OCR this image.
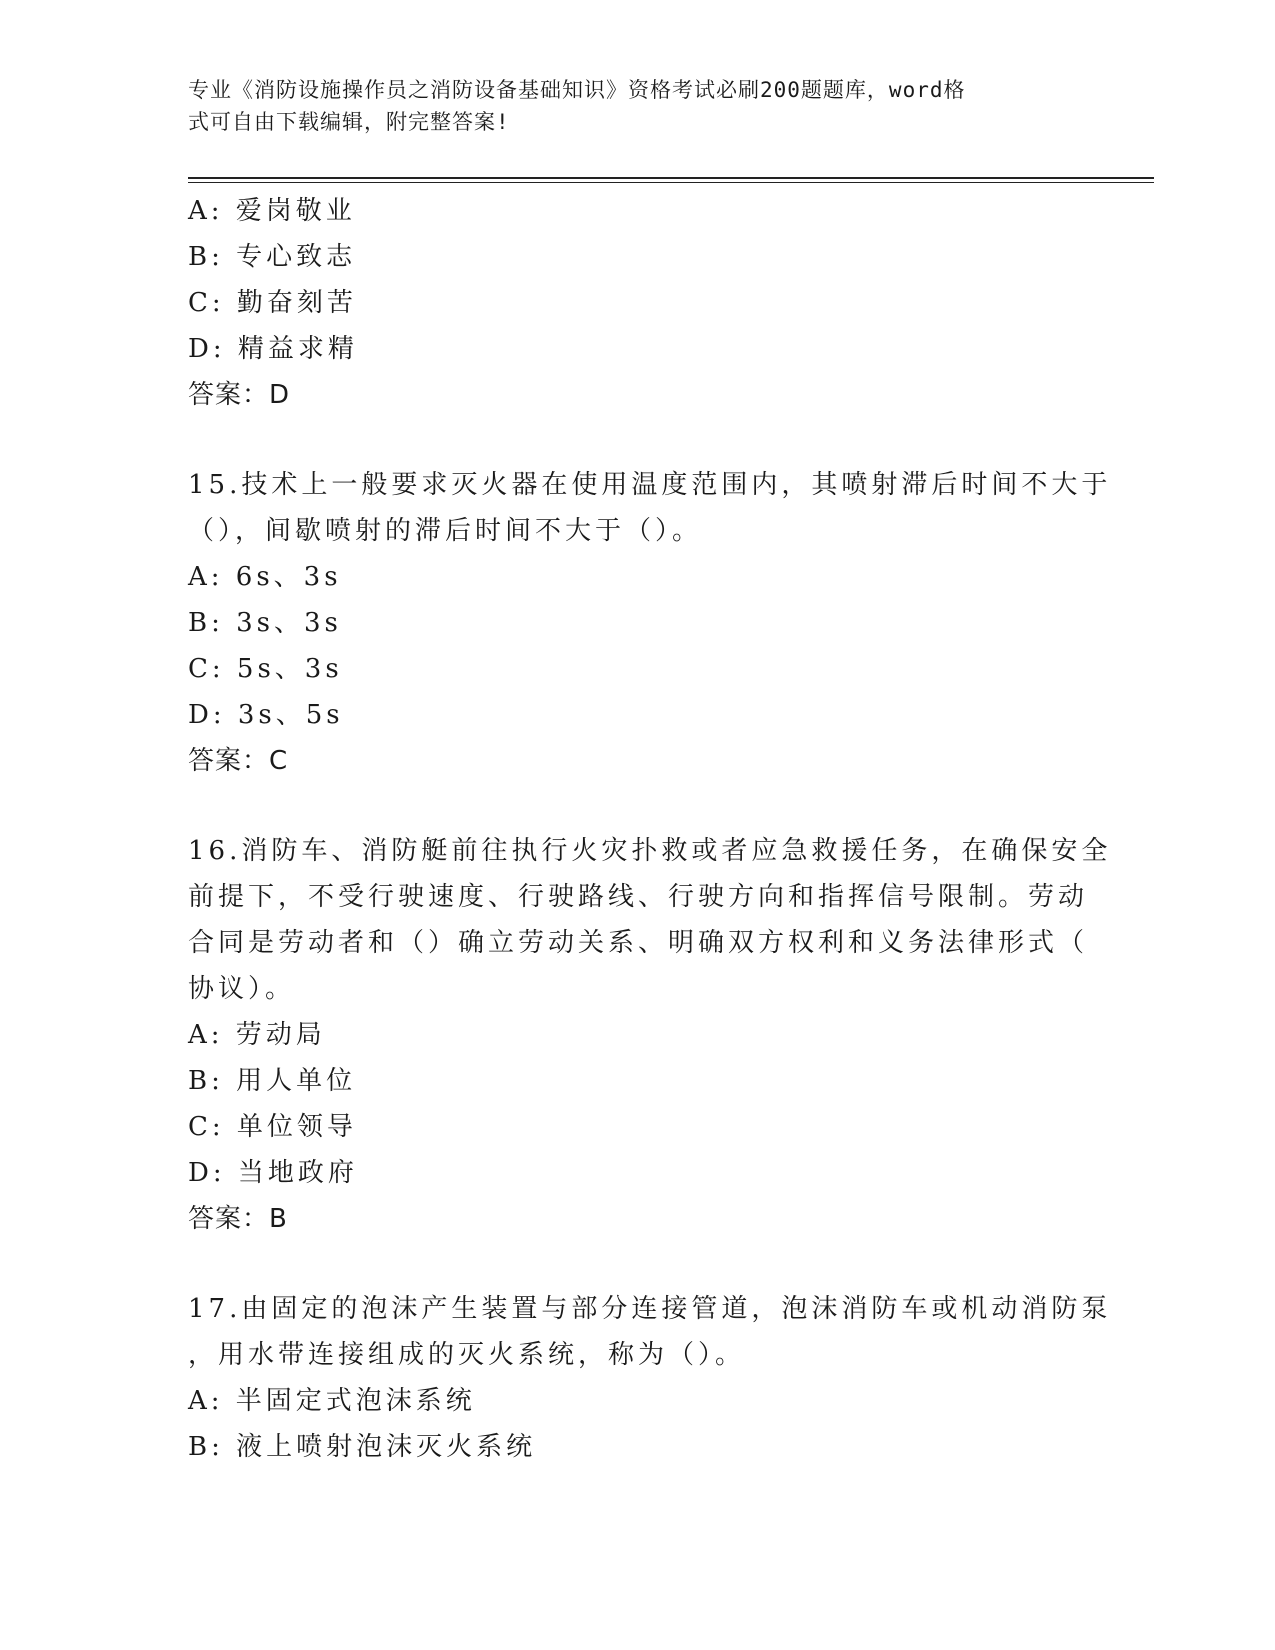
专业《消防设施操作员之消防设备基础知识》资格考试必刷200题题库，word格
式可自由下载编辑，附完整答案!
A: 爱岗敬业
B: 专心致志
C: 勤奋刻苦
D: 精益求精
答案：D
15.技术上一般要求灭火器在使用温度范围内，其喷射滞后时间不大于
（），间歇喷射的滞后时间不大于（）。
A: 6s、3s
B: 3s、3s
C: 5s、3s
D: 3s、5s
答案：C
16.消防车、消防艇前往执行火灾扑救或者应急救援任务，在确保安全
前提下，不受行驶速度、行驶路线、行驶方向和指挥信号限制。劳动
合同是劳动者和（）确立劳动关系、明确双方权利和义务法律形式（
协议）。
A: 劳动局
B: 用人单位
C: 单位领导
D: 当地政府
答案：B
17.由固定的泡沫产生装置与部分连接管道，泡沫消防车或机动消防泵
，用水带连接组成的灭火系统，称为（）。
A: 半固定式泡沫系统
B: 液上喷射泡沫灭火系统
